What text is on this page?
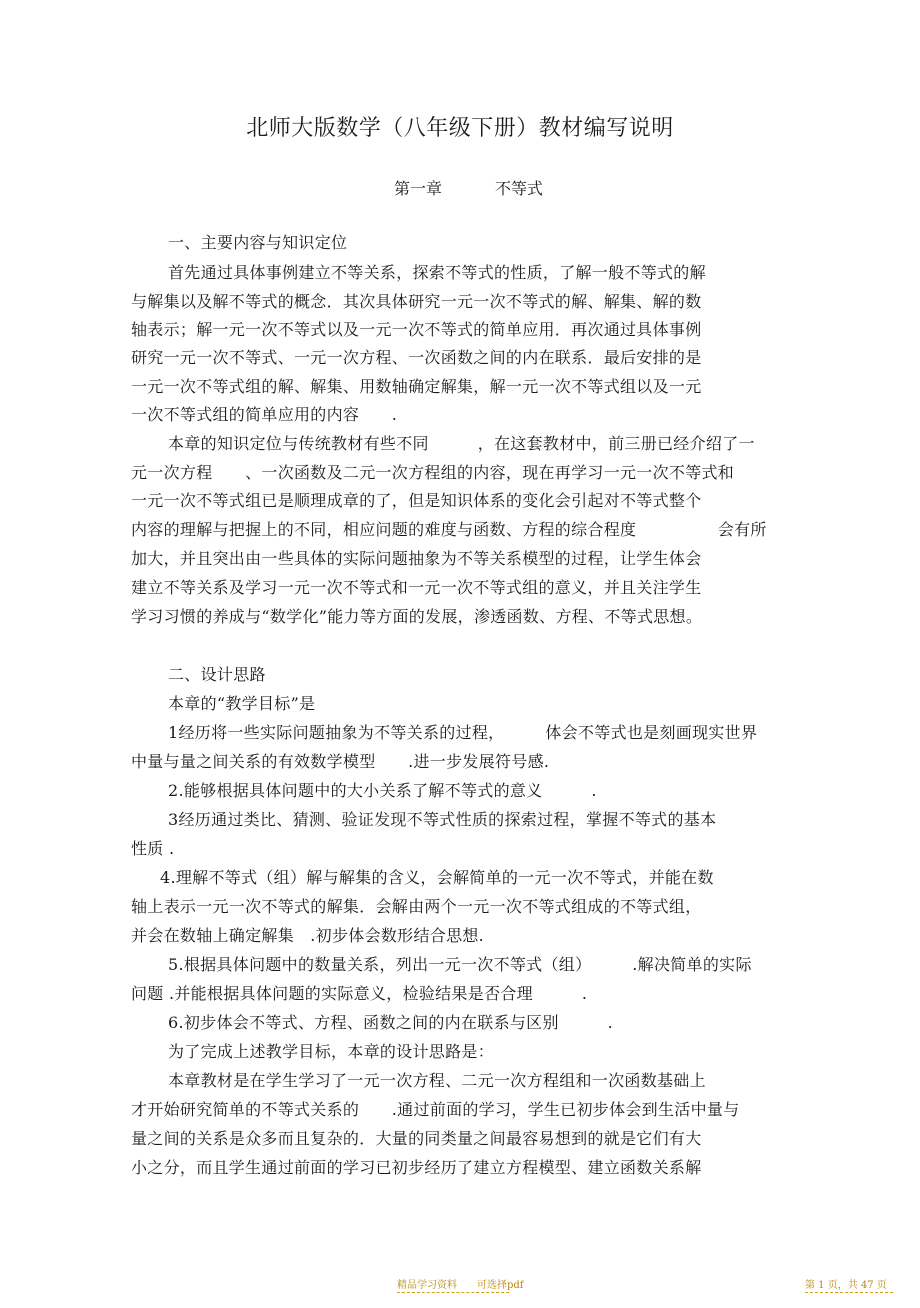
北师大版数学（八年级下册）教材编写说明
第一章	不等式
一、主要内容与知识定位
首先通过具体事例建立不等关系，探索不等式的性质，了解一般不等式的解
与解集以及解不等式的概念．其次具体研究一元一次不等式的解、解集、解的数
轴表示；解一元一次不等式以及一元一次不等式的简单应用．再次通过具体事例
研究一元一次不等式、一元一次方程、一次函数之间的内在联系．最后安排的是
一元一次不等式组的解、解集、用数轴确定解集，解一元一次不等式组以及一元
一次不等式组的简单应用的内容　　.
本章的知识定位与传统教材有些不同　　　，在这套教材中，前三册已经介绍了一
元一次方程　　、一次函数及二元一次方程组的内容，现在再学习一元一次不等式和
一元一次不等式组已是顺理成章的了，但是知识体系的变化会引起对不等式整个
内容的理解与把握上的不同，相应问题的难度与函数、方程的综合程度　　　　　会有所
加大，并且突出由一些具体的实际问题抽象为不等关系模型的过程，让学生体会
建立不等关系及学习一元一次不等式和一元一次不等式组的意义，并且关注学生
学习习惯的养成与“数学化”能力等方面的发展，渗透函数、方程、不等式思想。
二、设计思路
本章的“教学目标”是
1经历将一些实际问题抽象为不等关系的过程，　　　体会不等式也是刻画现实世界
中量与量之间关系的有效数学模型　　.进一步发展符号感.
2.能够根据具体问题中的大小关系了解不等式的意义　　　.
3经历通过类比、猜测、验证发现不等式性质的探索过程，掌握不等式的基本
性质 .
4.理解不等式（组）解与解集的含义，会解简单的一元一次不等式，并能在数
轴上表示一元一次不等式的解集．会解由两个一元一次不等式组成的不等式组，
并会在数轴上确定解集　.初步体会数形结合思想.
5.根据具体问题中的数量关系，列出一元一次不等式（组）　　　.解决简单的实际
问题 .并能根据具体问题的实际意义，检验结果是否合理　　　.
6.初步体会不等式、方程、函数之间的内在联系与区别　　　.
为了完成上述教学目标，本章的设计思路是：
本章教材是在学生学习了一元一次方程、二元一次方程组和一次函数基础上
才开始研究简单的不等式关系的　　.通过前面的学习，学生已初步体会到生活中量与
量之间的关系是众多而且复杂的．大量的同类量之间最容易想到的就是它们有大
小之分，而且学生通过前面的学习已初步经历了建立方程模型、建立函数关系解
精品学习资料　　可选择pdf	第 1 页，共 47 页
